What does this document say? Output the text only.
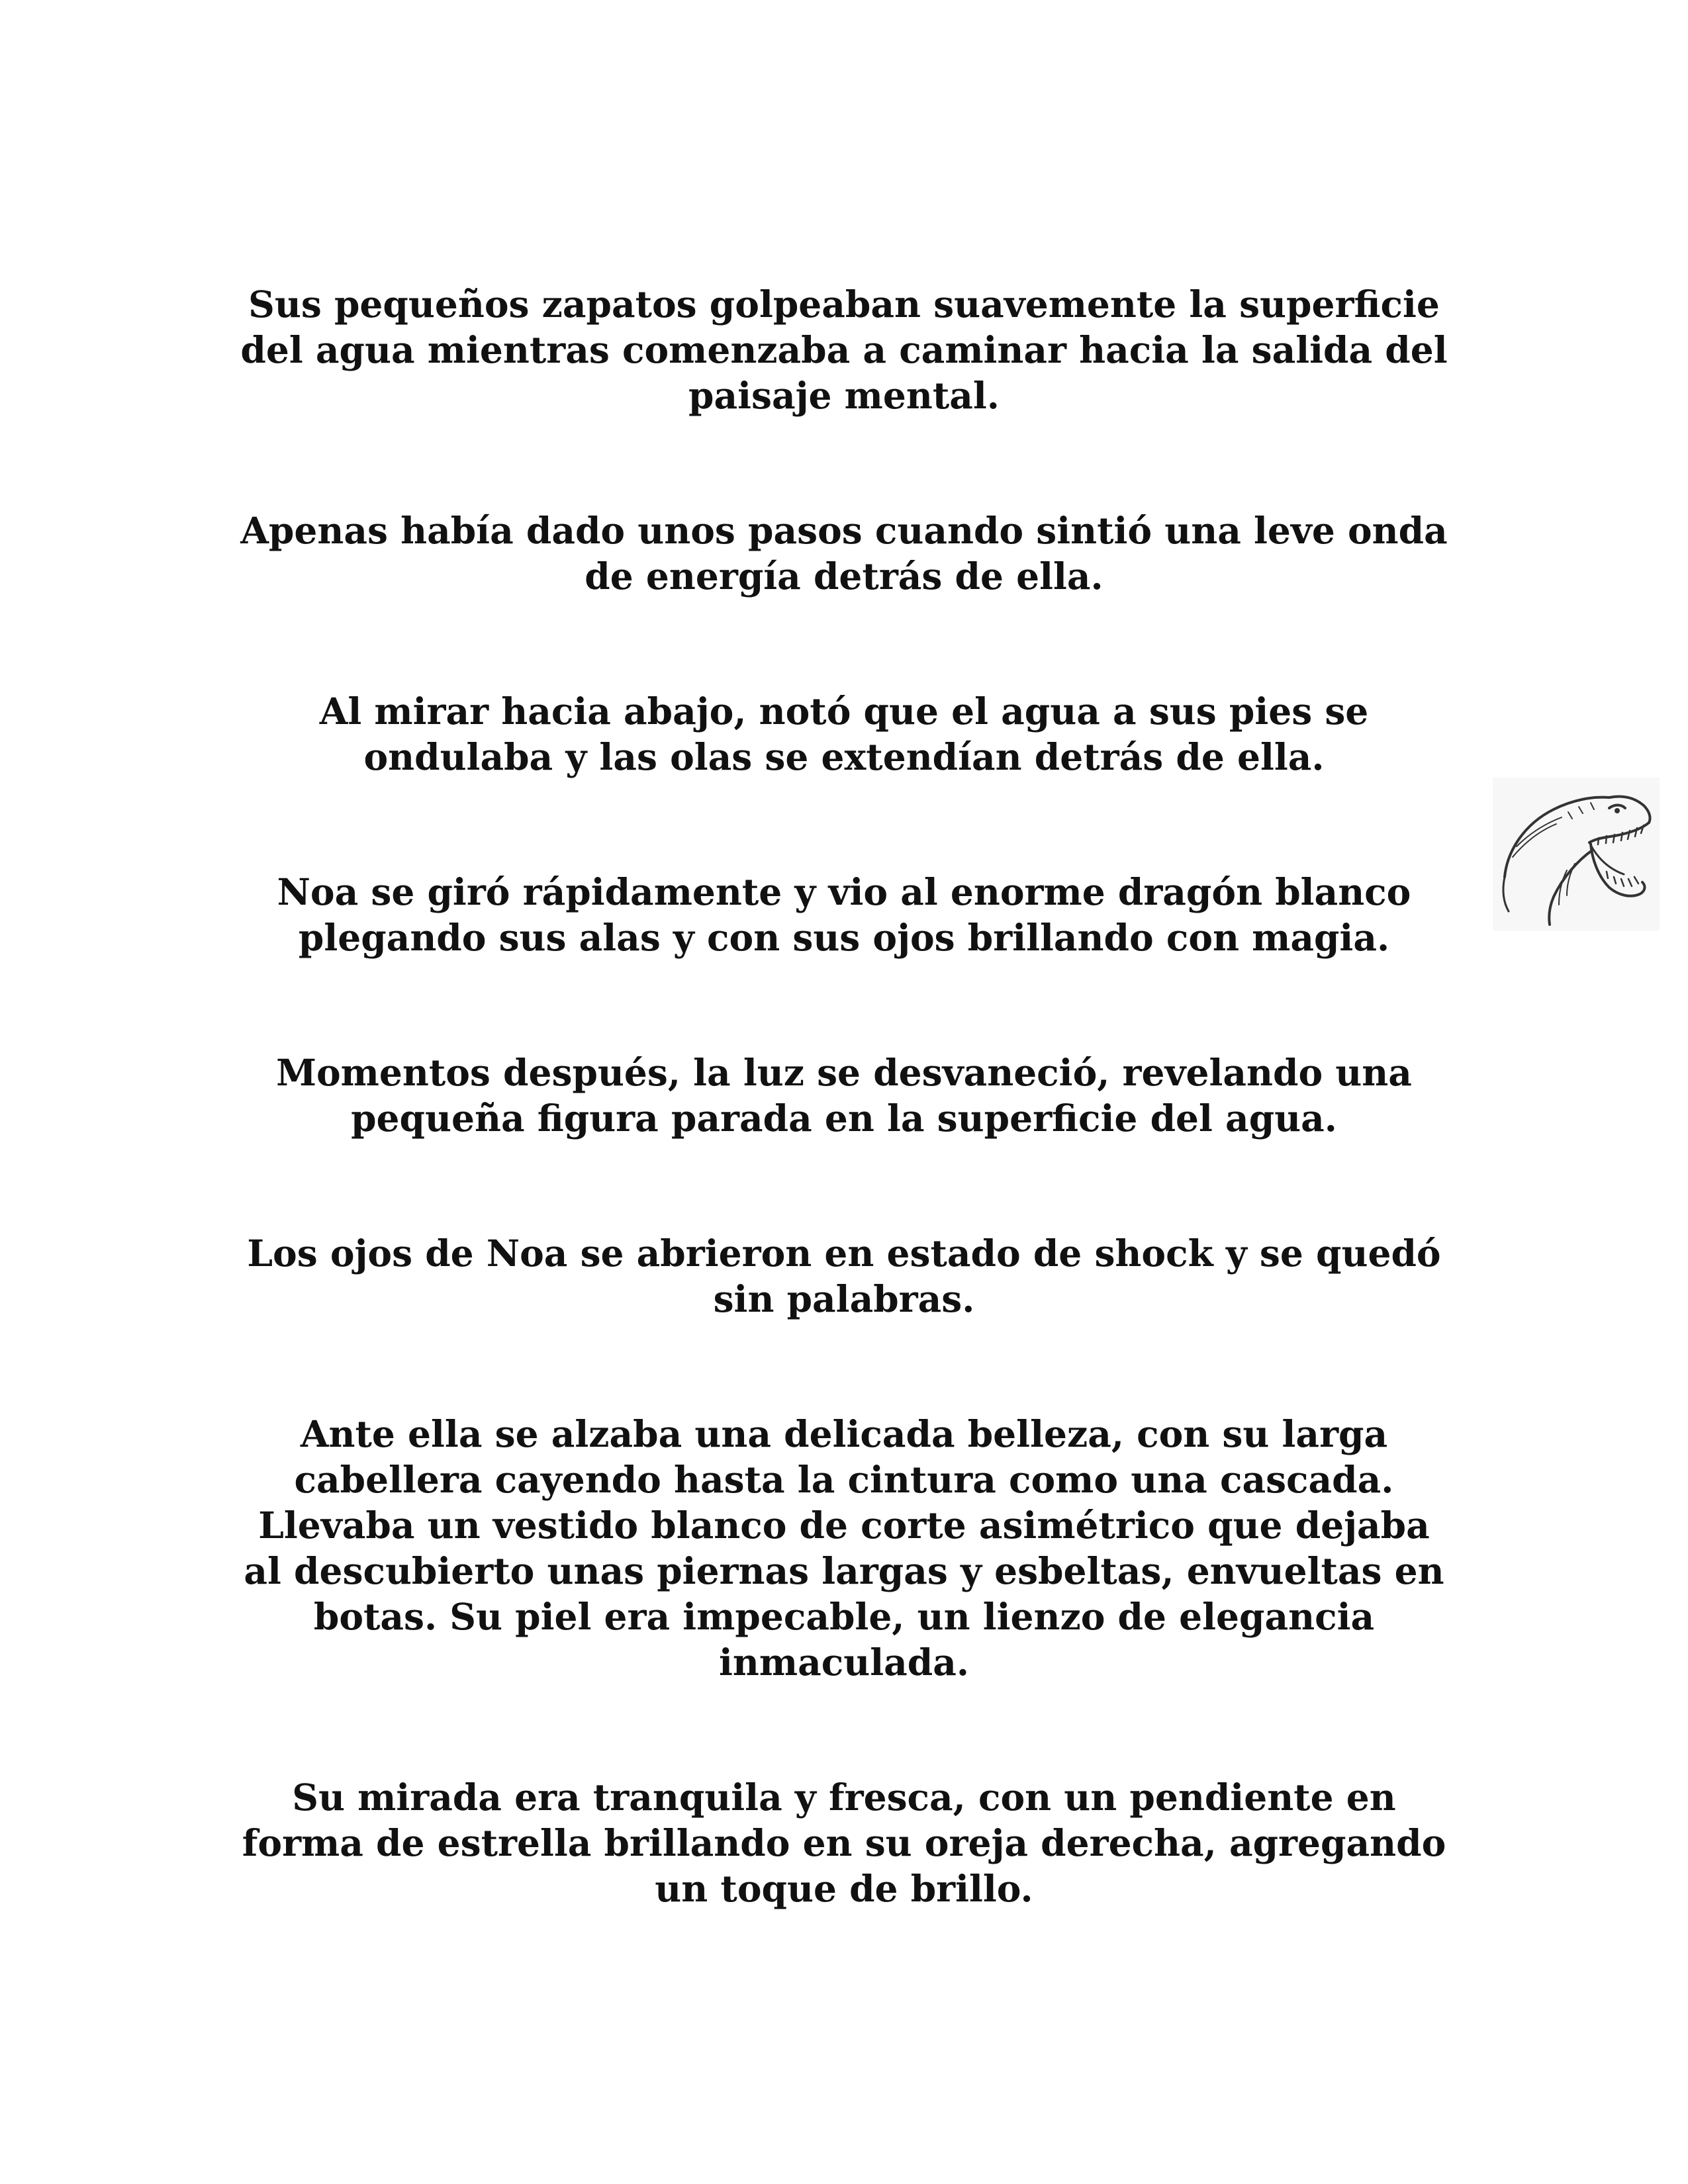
Sus pequeños zapatos golpeaban suavemente la superficie del agua mientras comenzaba a caminar hacia la salida del paisaje mental.

Apenas había dado unos pasos cuando sintió una leve onda de energía detrás de ella.

Al mirar hacia abajo, notó que el agua a sus pies se ondulaba y las olas se extendían detrás de ella.

Noa se giró rápidamente y vio al enorme dragón blanco plegando sus alas y con sus ojos brillando con magia.

Momentos después, la luz se desvaneció, revelando una pequeña figura parada en la superficie del agua.

Los ojos de Noa se abrieron en estado de shock y se quedó sin palabras.

Ante ella se alzaba una delicada belleza, con su larga cabellera cayendo hasta la cintura como una cascada. Llevaba un vestido blanco de corte asimétrico que dejaba al descubierto unas piernas largas y esbeltas, envueltas en botas. Su piel era impecable, un lienzo de elegancia inmaculada.

Su mirada era tranquila y fresca, con un pendiente en forma de estrella brillando en su oreja derecha, agregando un toque de brillo.
